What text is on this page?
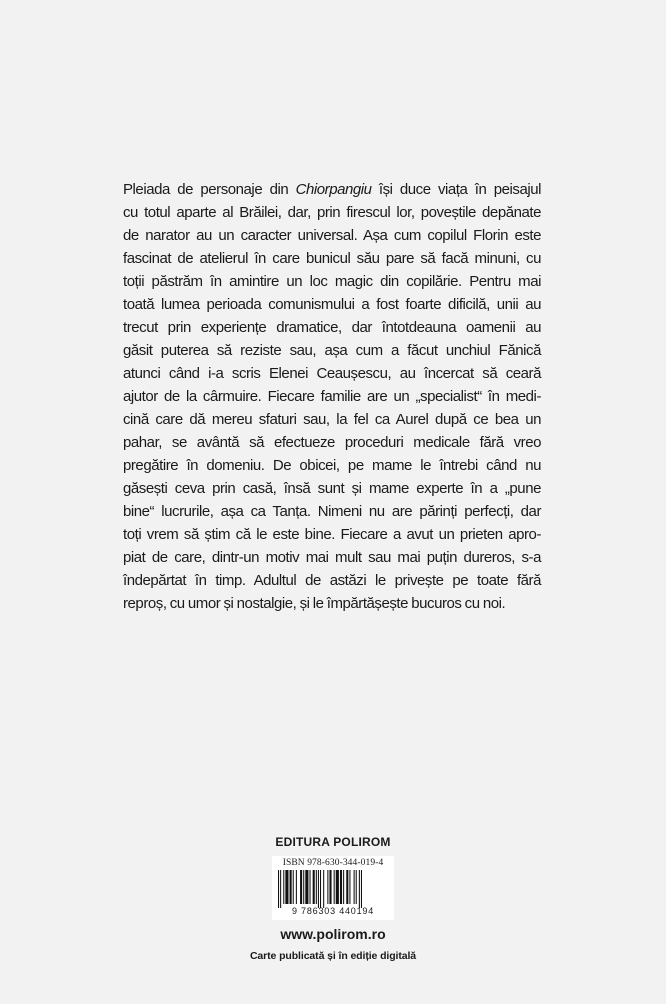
Pleiada de personaje din Chiorpangiu își duce viața în peisajul
cu totul aparte al Brăilei, dar, prin firescul lor, poveștile depănate
de narator au un caracter universal. Așa cum copilul Florin este
fascinat de atelierul în care bunicul său pare să facă minuni, cu
toții păstrăm în amintire un loc magic din copilărie. Pentru mai
toată lumea perioada comunismului a fost foarte dificilă, unii au
trecut prin experiențe dramatice, dar întotdeauna oamenii au
găsit puterea să reziste sau, așa cum a făcut unchiul Fănică
atunci când i-a scris Elenei Ceaușescu, au încercat să ceară
ajutor de la cârmuire. Fiecare familie are un „specialist“ în medi-
cină care dă mereu sfaturi sau, la fel ca Aurel după ce bea un
pahar, se avântă să efectueze proceduri medicale fără vreo
pregătire în domeniu. De obicei, pe mame le întrebi când nu
găsești ceva prin casă, însă sunt și mame experte în a „pune
bine“ lucrurile, așa ca Tanța. Nimeni nu are părinți perfecți, dar
toți vrem să știm că le este bine. Fiecare a avut un prieten apro-
piat de care, dintr-un motiv mai mult sau mai puțin dureros, s-a
îndepărtat în timp. Adultul de astăzi le privește pe toate fără
reproș, cu umor și nostalgie, și le împărtășește bucuros cu noi.
EDITURA POLIROM
ISBN 978-630-344-019-4
9 786303 440194
www.polirom.ro
Carte publicată și în ediție digitală
